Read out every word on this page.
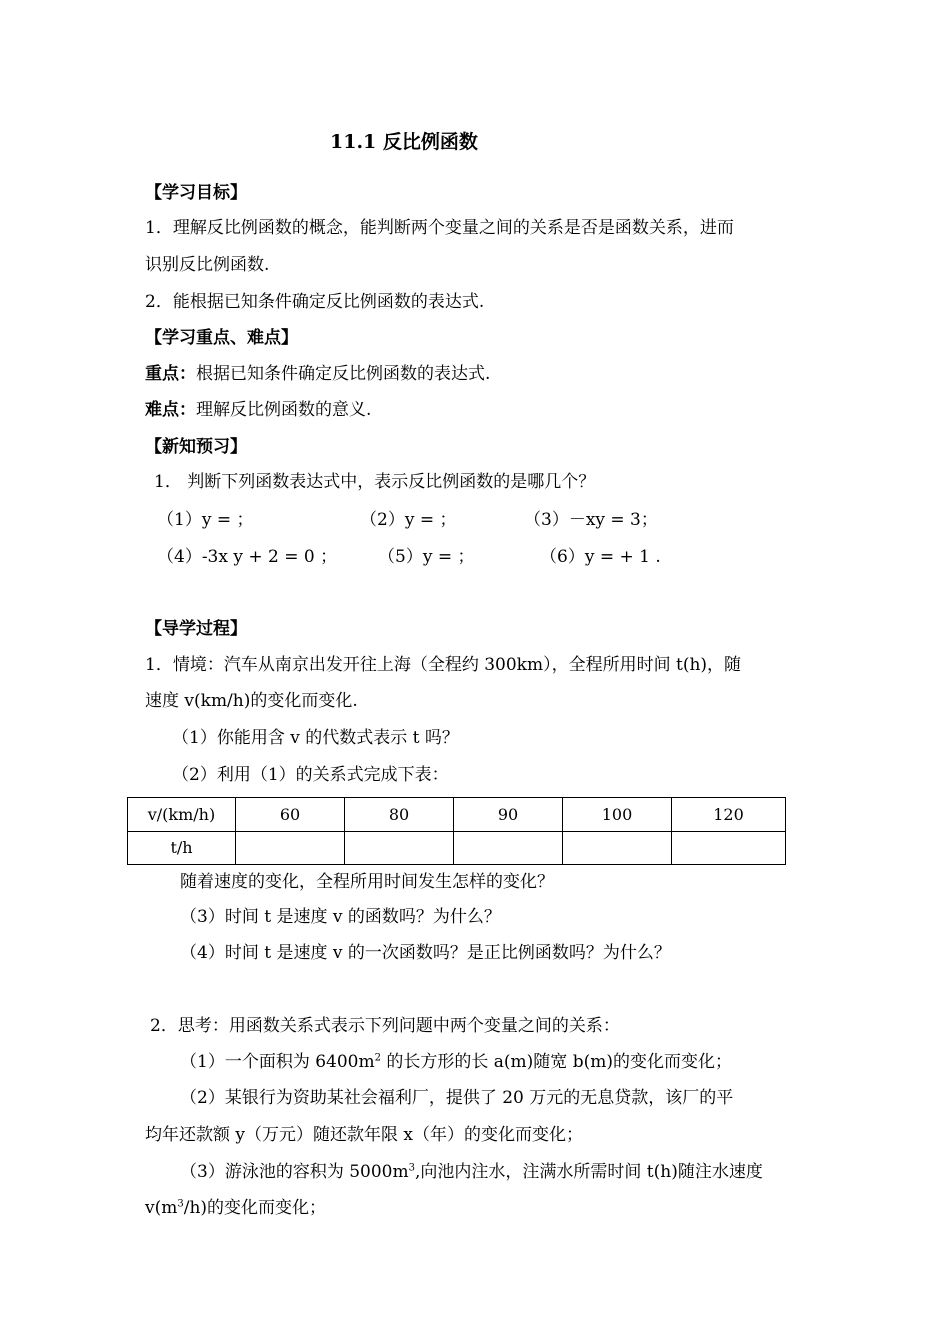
11.1 反比例函数
【学习目标】
1．理解反比例函数的概念，能判断两个变量之间的关系是否是函数关系，进而
识别反比例函数.
2．能根据已知条件确定反比例函数的表达式.
【学习重点、难点】
重点：根据已知条件确定反比例函数的表达式.
难点：理解反比例函数的意义.
【新知预习】
1． 判断下列函数表达式中，表示反比例函数的是哪几个？
（1）y = ；	（2）y = ；	（3）－xy = 3；
（4）-3x y + 2 = 0 ； （5）y = ；	（6）y = + 1 .
【导学过程】
1．情境：汽车从南京出发开往上海（全程约 300km），全程所用时间 t(h)，随
速度 v(km/h)的变化而变化.
（1）你能用含 v 的代数式表示 t 吗？
（2）利用（1）的关系式完成下表：
v/(km/h)	60	80	90	100	120
t/h					
随着速度的变化，全程所用时间发生怎样的变化？
（3）时间 t 是速度 v 的函数吗？为什么？
（4）时间 t 是速度 v 的一次函数吗？是正比例函数吗？为什么？
2．思考：用函数关系式表示下列问题中两个变量之间的关系：
（1）一个面积为 $6400m^2$ 的长方形的长 a(m)随宽 b(m)的变化而变化；
（2）某银行为资助某社会福利厂，提供了 20 万元的无息贷款，该厂的平
均年还款额 y（万元）随还款年限 x（年）的变化而变化；
（3）游泳池的容积为 $5000m^3$,向池内注水，注满水所需时间 t(h)随注水速度
$v(m^3/h)$的变化而变化；
